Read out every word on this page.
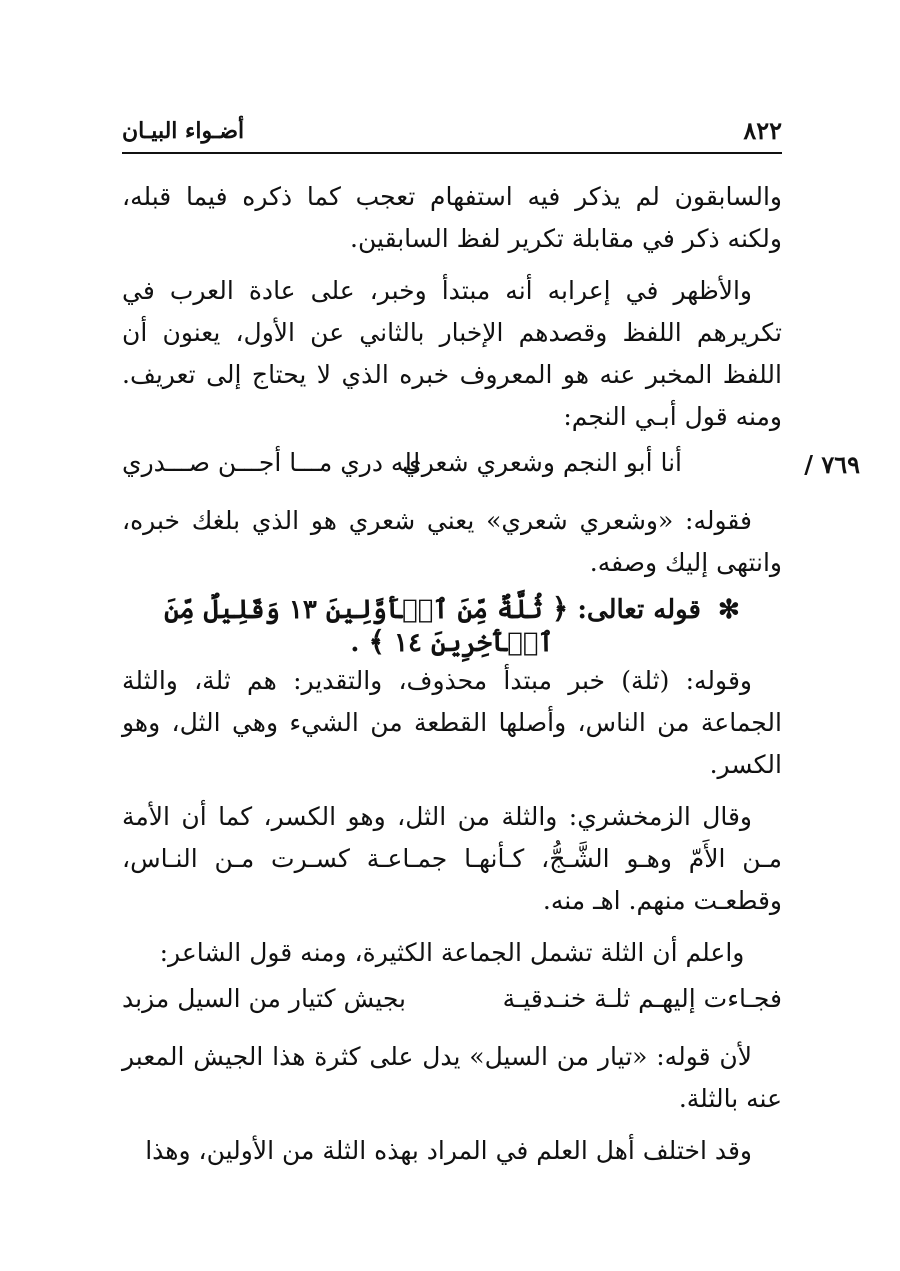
٨٢٢
أضـواء البيـان

والسابقون لم يذكر فيه استفهام تعجب كما ذكره فيما قبله، ولكنه ذكر في مقابلة تكرير لفظ السابقين.

والأظهر في إعرابه أنه مبتدأ وخبر، على عادة العرب في تكريرهم اللفظ وقصدهم الإخبار بالثاني عن الأول، يعنون أن اللفظ المخبر عنه هو المعروف خبره الذي لا يحتاج إلى تعريف. ومنه قول أبـي النجم:

٧٦٩ /
أنا أبو النجم وشعري شعري
لله دري مـــا أجـــن صـــدري

فقوله: «وشعري شعري» يعني شعري هو الذي بلغك خبره، وانتهى إليك وصفه.

✻ قوله تعالى: ﴿ ثُلَّةٌ مِّنَ ٱلۡأَوَّلِينَ ١٣ وَقَلِيلٌ مِّنَ ٱلۡأٓخِرِينَ ١٤ ﴾ .

وقوله: (ثلة) خبر مبتدأ محذوف، والتقدير: هم ثلة، والثلة الجماعة من الناس، وأصلها القطعة من الشيء وهي الثل، وهو الكسر.

وقال الزمخشري: والثلة من الثل، وهو الكسر، كما أن الأمة مـن الأَمّ وهـو الشَّـجُّ، كـأنهـا جمـاعـة كسـرت مـن النـاس، وقطعـت منهم. اهـ منه.

واعلم أن الثلة تشمل الجماعة الكثيرة، ومنه قول الشاعر:

فجـاءت إليهـم ثلـة خنـدقيـة
بجيش كتيار من السيل مزبد

لأن قوله: «تيار من السيل» يدل على كثرة هذا الجيش المعبر عنه بالثلة.

وقد اختلف أهل العلم في المراد بهذه الثلة من الأولين، وهذا
